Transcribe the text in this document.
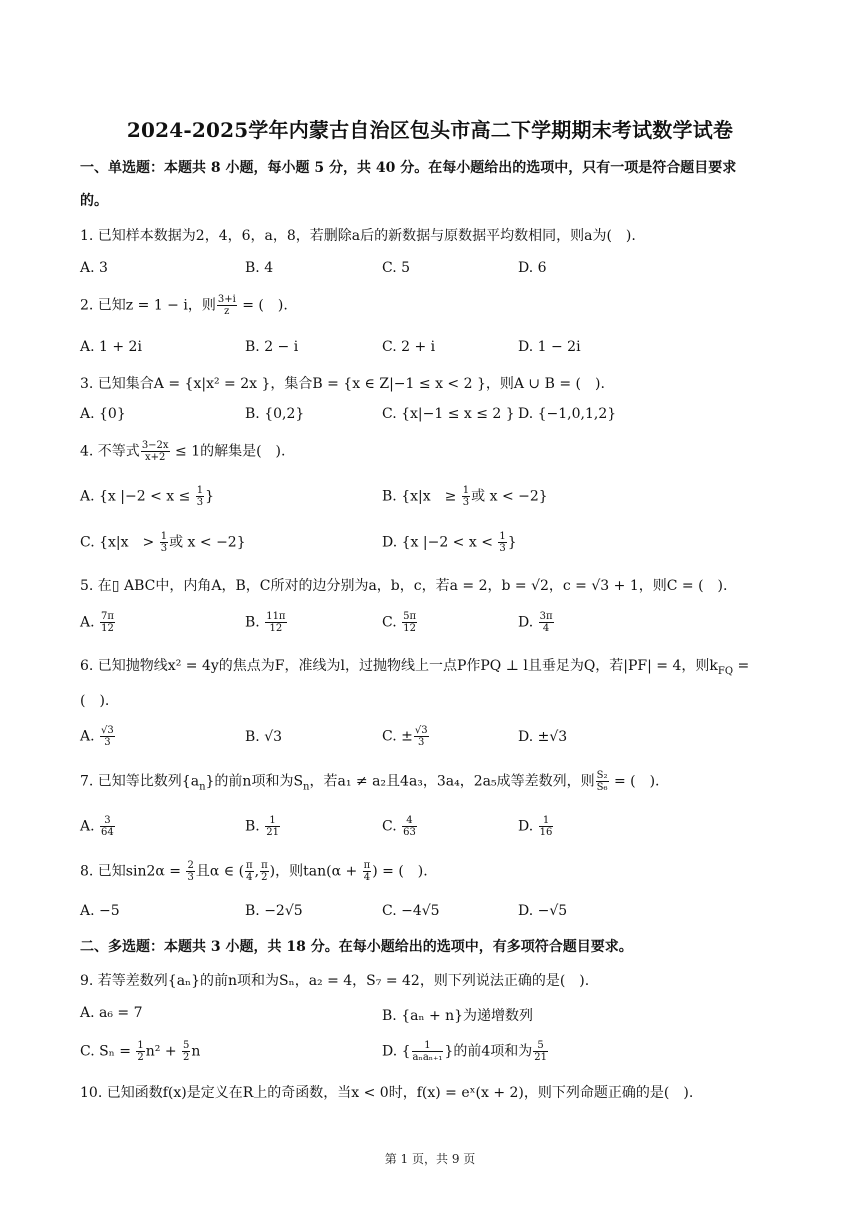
2024-2025学年内蒙古自治区包头市高二下学期期末考试数学试卷
一、单选题：本题共 8 小题，每小题 5 分，共 40 分。在每小题给出的选项中，只有一项是符合题目要求
的。
1. 已知样本数据为2，4，6，a，8，若删除a后的新数据与原数据平均数相同，则a为(　).
A. 3	B. 4	C. 5	D. 6
2. 已知z = 1 − i，则 $\frac{3+i}{z}$ = (　).
A. 1 + 2i	B. 2 − i	C. 2 + i	D. 1 − 2i
3. 已知集合A = {x|x² = 2x }，集合B = {x ∈ Z|−1 ≤ x < 2 }，则A ∪ B = (　).
A. {0}	B. {0,2}	C. {x|−1 ≤ x ≤ 2 } D. {−1,0,1,2}
4. 不等式 $\frac{3-2x}{x+2} \le 1$的解集是(　).
A. {x $|-2 < x \le \frac{1}{3}$ }	B. {x|x　≥ $\frac{1}{3}$ 或 x < −2}
C. {x|x　> $\frac{1}{3}$ 或 x < −2}	D. {x $|-2 < x < \frac{1}{3}$ }
5. 在▯ ABC中，内角A，B，C所对的边分别为a，b，c，若a = 2，b = √2，c = √3 + 1，则C = (　).
A. $\frac{7\pi}{12}$	B. $\frac{11\pi}{12}$	C. $\frac{5\pi}{12}$	D. $\frac{3\pi}{4}$
6. 已知抛物线x² = 4y的焦点为F，准线为l，过抛物线上一点P作PQ ⊥ l且垂足为Q，若|PF| = 4，则$k_{FQ}$ =
(　).
A. $\frac{√3}{3}$	B. √3	C. ± $\frac{√3}{3}$	D. ±√3
7. 已知等比数列$\{a_n\}$的前n项和为$S_n$，若a₁ ≠ a₂且4a₃，3a₄，2a₅成等差数列，则 $\frac{\text{S₂}}{\text{S₆}}$ = (　).
A. $\frac{3}{64}$	B. $\frac{1}{21}$	C. $\frac{4}{63}$	D. $\frac{1}{16}$
8. 已知$\sin 2\alpha = \frac{2}{3}$ 且α ∈ ( $\frac{\pi}{4}$ , $\frac{\pi}{2}$ )，则$\tan(\alpha + \frac{\pi}{4}$ ) = (　).
A. −5	B. −2√5	C. −4√5	D. −√5
二、多选题：本题共 3 小题，共 18 分。在每小题给出的选项中，有多项符合题目要求。
9. 若等差数列{aₙ}的前n项和为Sₙ，a₂ = 4，S₇ = 42，则下列说法正确的是(　).
A. a₆ = 7	B. {aₙ + n}为递增数列
C. $S_n = \frac{1}{2} n^2 + \frac{5}{2}$ n	D. { $\frac{1}{\text{aₙaₙ₊₁}}$ }的前4项和为 $\frac{5}{21}$
10. 已知函数f(x)是定义在R上的奇函数，当x < 0时，f(x) = eˣ(x + 2)，则下列命题正确的是(　).
第 1 页，共 9 页
